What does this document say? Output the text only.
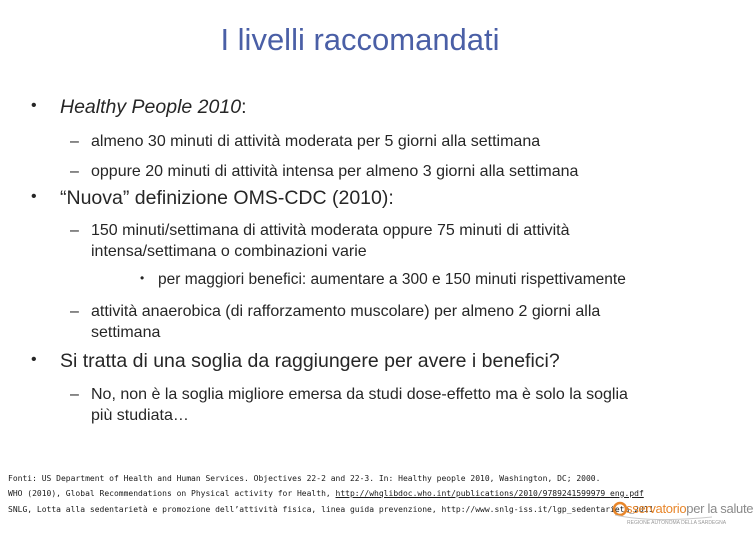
I livelli raccomandati
• Healthy People 2010:
– almeno 30 minuti di attività moderata per 5 giorni alla settimana
– oppure 20 minuti di attività intensa per almeno 3 giorni alla settimana
• “Nuova” definizione OMS-CDC (2010):
– 150 minuti/settimana di attività moderata oppure 75 minuti di attività
intensa/settimana o combinazioni varie
• per maggiori benefici: aumentare a 300 e 150 minuti rispettivamente
– attività anaerobica (di rafforzamento muscolare) per almeno 2 giorni alla
settimana
• Si tratta di una soglia da raggiungere per avere i benefici?
– No, non è la soglia migliore emersa da studi dose-effetto ma è solo la soglia
più studiata…
Fonti: US Department of Health and Human Services. Objectives 22-2 and 22-3. In: Healthy people 2010, Washington, DC; 2000.
WHO (2010), Global Recommendations on Physical activity for Health, http://whqlibdoc.who.int/publications/2010/9789241599979_eng.pdf
SNLG, Lotta alla sedentarietà e promozione dell’attività fisica, linea guida prevenzione, http://www.snlg-iss.it/lgp_sedentarieta_2011
sservatorioper la salute
REGIONE AUTONOMA DELLA SARDEGNA
